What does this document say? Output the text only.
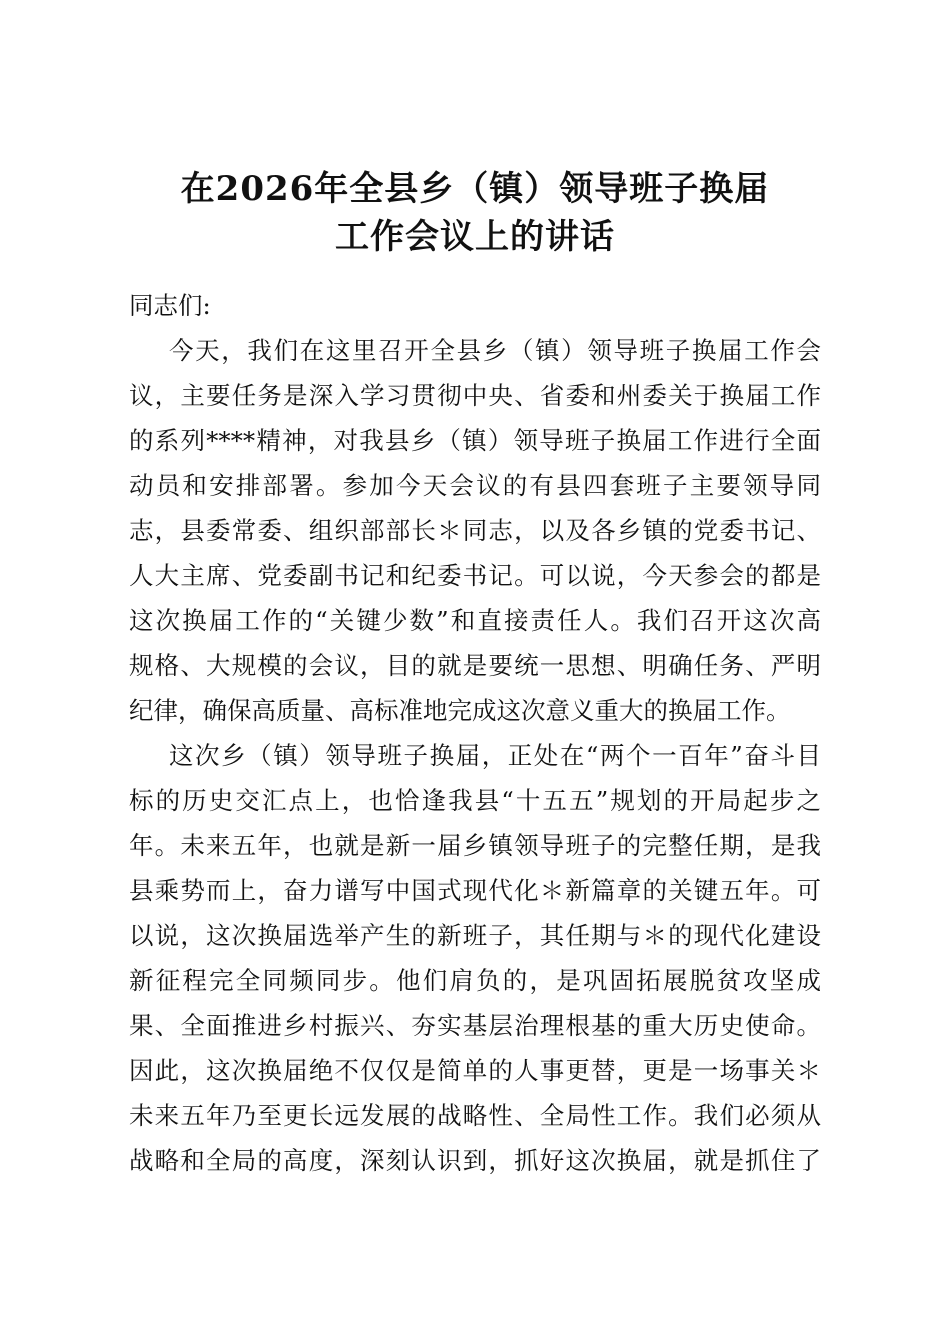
在2026年全县乡（镇）领导班子换届
工作会议上的讲话
同志们:
今天，我们在这里召开全县乡（镇）领导班子换届工作会
议，主要任务是深入学习贯彻中央、省委和州委关于换届工作
的系列****精神，对我县乡（镇）领导班子换届工作进行全面
动员和安排部署。参加今天会议的有县四套班子主要领导同
志，县委常委、组织部部长＊同志，以及各乡镇的党委书记、
人大主席、党委副书记和纪委书记。可以说，今天参会的都是
这次换届工作的“关键少数”和直接责任人。我们召开这次高
规格、大规模的会议，目的就是要统一思想、明确任务、严明
纪律，确保高质量、高标准地完成这次意义重大的换届工作。
这次乡（镇）领导班子换届，正处在“两个一百年”奋斗目
标的历史交汇点上，也恰逢我县“十五五”规划的开局起步之
年。未来五年，也就是新一届乡镇领导班子的完整任期，是我
县乘势而上，奋力谱写中国式现代化＊新篇章的关键五年。可
以说，这次换届选举产生的新班子，其任期与＊的现代化建设
新征程完全同频同步。他们肩负的，是巩固拓展脱贫攻坚成
果、全面推进乡村振兴、夯实基层治理根基的重大历史使命。
因此，这次换届绝不仅仅是简单的人事更替，更是一场事关＊
未来五年乃至更长远发展的战略性、全局性工作。我们必须从
战略和全局的高度，深刻认识到，抓好这次换届，就是抓住了
